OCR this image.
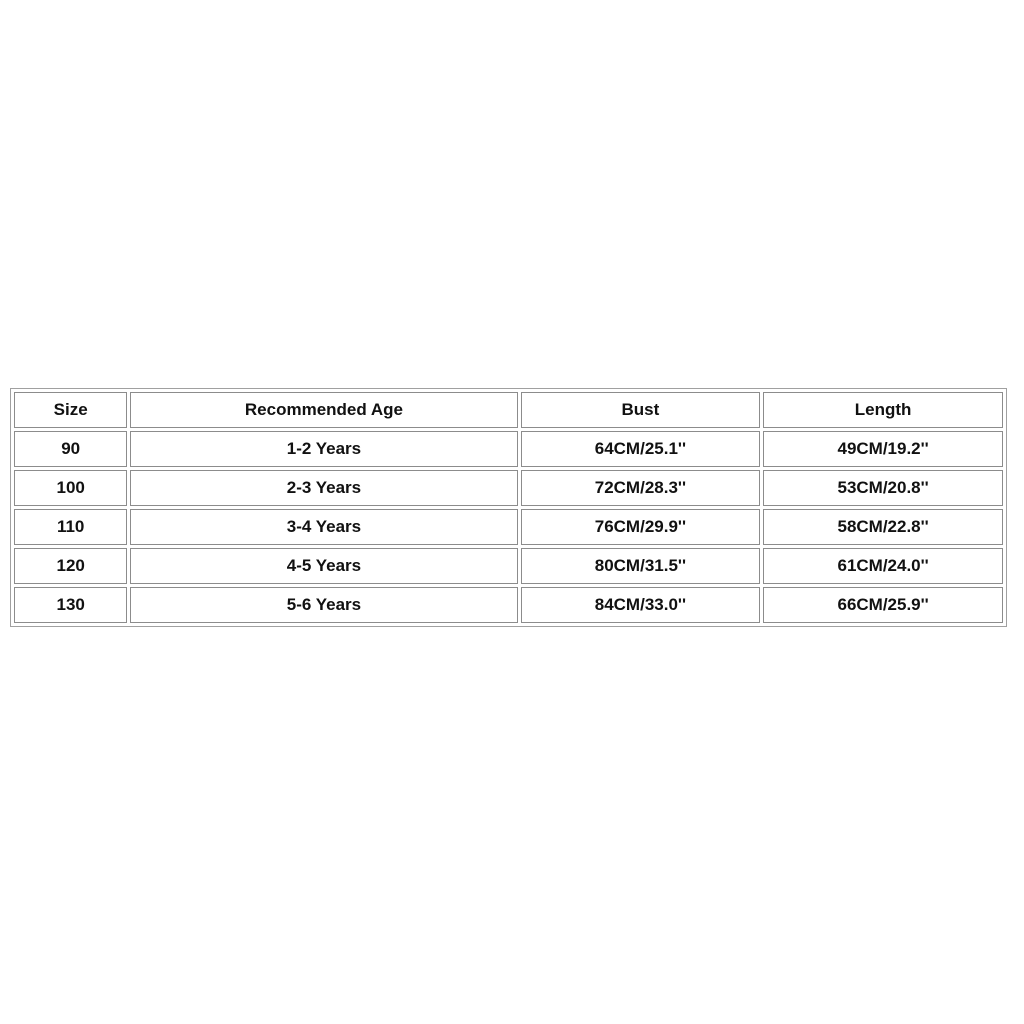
Size	Recommended Age	Bust	Length
90	1-2 Years	64CM/25.1''	49CM/19.2''
100	2-3 Years	72CM/28.3''	53CM/20.8''
110	3-4 Years	76CM/29.9''	58CM/22.8''
120	4-5 Years	80CM/31.5''	61CM/24.0''
130	5-6 Years	84CM/33.0''	66CM/25.9''
